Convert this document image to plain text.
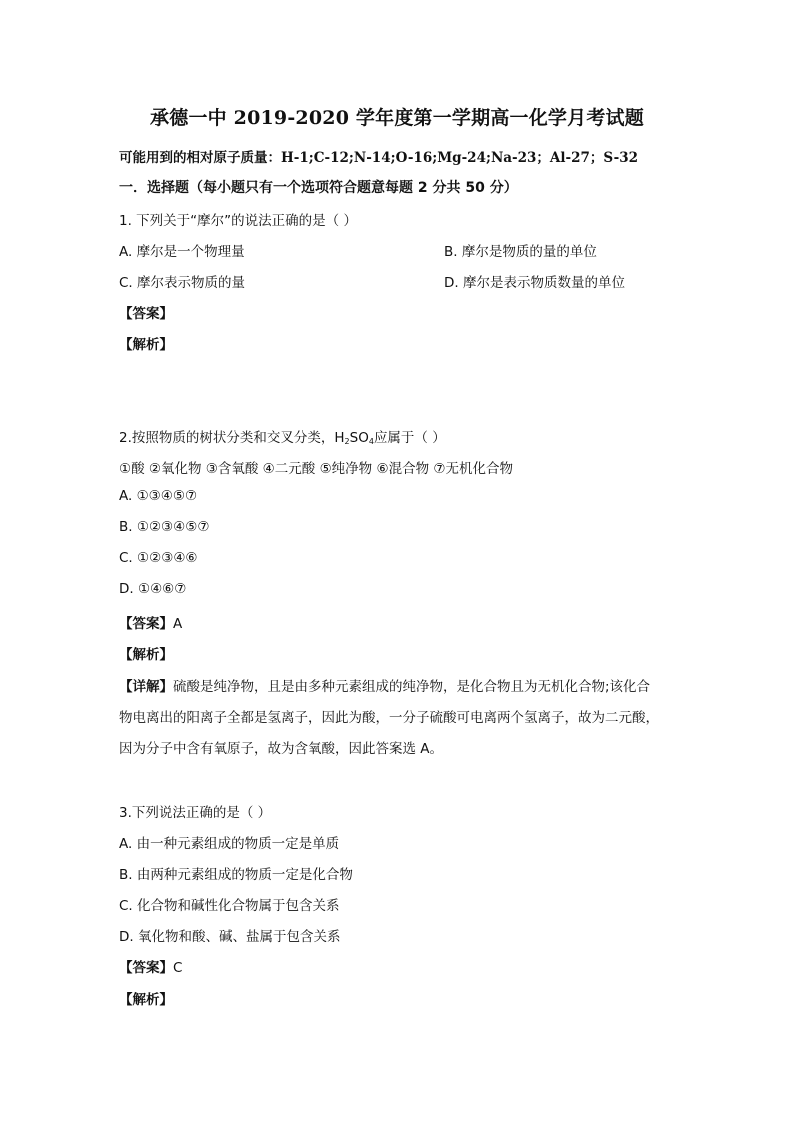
承德一中 2019-2020 学年度第一学期高一化学月考试题
可能用到的相对原子质量：H-1;C-12;N-14;O-16;Mg-24;Na-23；Al-27；S-32
一．选择题（每小题只有一个选项符合题意每题 2 分共 50 分）
1. 下列关于“摩尔”的说法正确的是（ ）
A. 摩尔是一个物理量	B. 摩尔是物质的量的单位
C. 摩尔表示物质的量	D. 摩尔是表示物质数量的单位
【答案】
【解析】
2.按照物质的树状分类和交叉分类，H2SO4应属于（ ）
①酸 ②氧化物 ③含氧酸 ④二元酸 ⑤纯净物 ⑥混合物 ⑦无机化合物
A. ①③④⑤⑦
B. ①②③④⑤⑦
C. ①②③④⑥
D. ①④⑥⑦
【答案】A
【解析】
【详解】硫酸是纯净物，且是由多种元素组成的纯净物，是化合物且为无机化合物;该化合
物电离出的阳离子全都是氢离子，因此为酸，一分子硫酸可电离两个氢离子，故为二元酸，
因为分子中含有氧原子，故为含氧酸，因此答案选 A。
3.下列说法正确的是（ ）
A. 由一种元素组成的物质一定是单质
B. 由两种元素组成的物质一定是化合物
C. 化合物和碱性化合物属于包含关系
D. 氧化物和酸、碱、盐属于包含关系
【答案】C
【解析】
